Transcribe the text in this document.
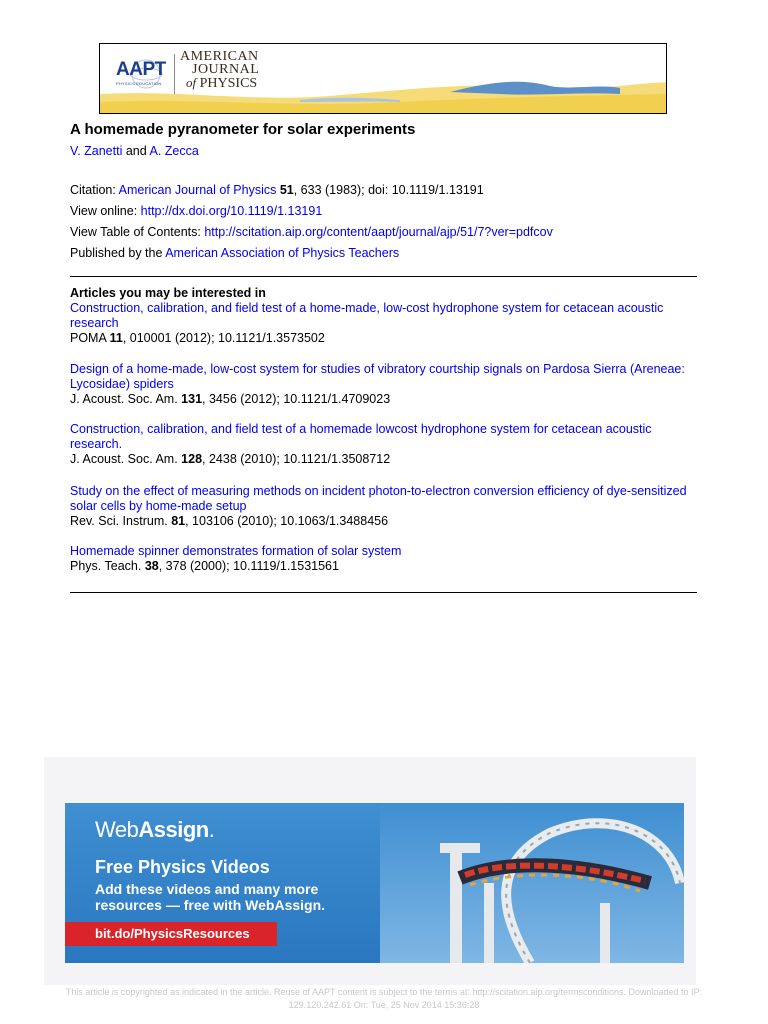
AAPT
PHYSICS EDUCATION
AMERICAN
JOURNAL
of PHYSICS
A homemade pyranometer for solar experiments
V. Zanetti and A. Zecca
Citation: American Journal of Physics 51, 633 (1983); doi: 10.1119/1.13191
View online: http://dx.doi.org/10.1119/1.13191
View Table of Contents: http://scitation.aip.org/content/aapt/journal/ajp/51/7?ver=pdfcov
Published by the American Association of Physics Teachers
Articles you may be interested in
Construction, calibration, and field test of a home-made, low-cost hydrophone system for cetacean acoustic research
POMA 11, 010001 (2012); 10.1121/1.3573502
Design of a home-made, low-cost system for studies of vibratory courtship signals on Pardosa Sierra (Areneae: Lycosidae) spiders
J. Acoust. Soc. Am. 131, 3456 (2012); 10.1121/1.4709023
Construction, calibration, and field test of a homemade lowcost hydrophone system for cetacean acoustic research.
J. Acoust. Soc. Am. 128, 2438 (2010); 10.1121/1.3508712
Study on the effect of measuring methods on incident photon-to-electron conversion efficiency of dye-sensitized solar cells by home-made setup
Rev. Sci. Instrum. 81, 103106 (2010); 10.1063/1.3488456
Homemade spinner demonstrates formation of solar system
Phys. Teach. 38, 378 (2000); 10.1119/1.1531561
WebAssign.
Free Physics Videos
Add these videos and many more resources — free with WebAssign.
bit.do/PhysicsResources
This article is copyrighted as indicated in the article. Reuse of AAPT content is subject to the terms at: http://scitation.aip.org/termsconditions. Downloaded to IP:
129.120.242.61 On: Tue, 25 Nov 2014 15:36:28
